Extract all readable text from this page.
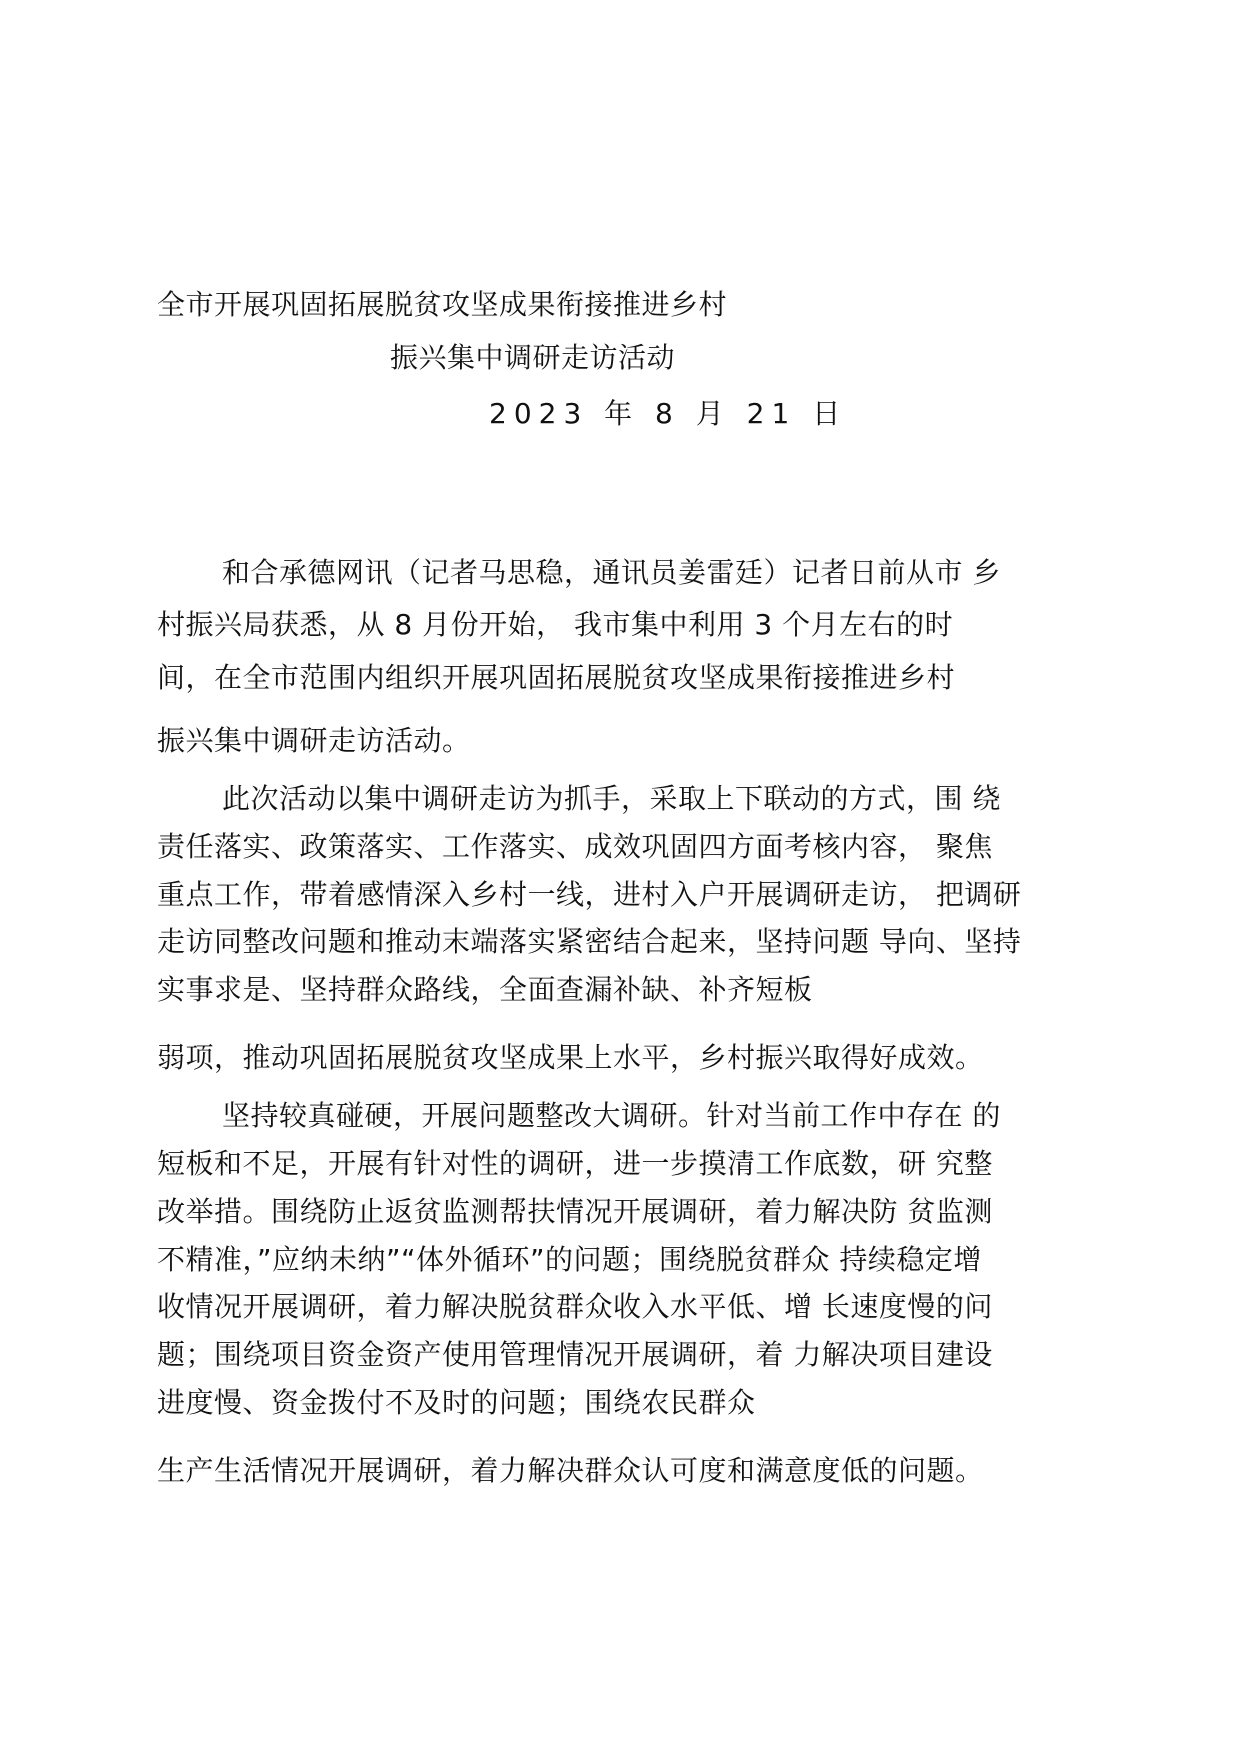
全市开展巩固拓展脱贫攻坚成果衔接推进乡村
振兴集中调研走访活动
2023 年 8 月 21 日
和合承德网讯（记者马思稳，通讯员姜雷廷）记者日前从市 乡
村振兴局获悉，从 8 月份开始， 我市集中利用 3 个月左右的时
间，在全市范围内组织开展巩固拓展脱贫攻坚成果衔接推进乡村
振兴集中调研走访活动。
此次活动以集中调研走访为抓手，采取上下联动的方式，围 绕
责任落实、政策落实、工作落实、成效巩固四方面考核内容， 聚焦
重点工作，带着感情深入乡村一线，进村入户开展调研走访， 把调研
走访同整改问题和推动末端落实紧密结合起来，坚持问题 导向、坚持
实事求是、坚持群众路线，全面查漏补缺、补齐短板
弱项，推动巩固拓展脱贫攻坚成果上水平，乡村振兴取得好成效。
坚持较真碰硬，开展问题整改大调研。针对当前工作中存在 的
短板和不足，开展有针对性的调研，进一步摸清工作底数，研 究整
改举措。围绕防止返贫监测帮扶情况开展调研，着力解决防 贫监测
不精准，”应纳未纳”“体外循环”的问题；围绕脱贫群众 持续稳定增
收情况开展调研，着力解决脱贫群众收入水平低、增 长速度慢的问
题；围绕项目资金资产使用管理情况开展调研，着 力解决项目建设
进度慢、资金拨付不及时的问题；围绕农民群众
生产生活情况开展调研，着力解决群众认可度和满意度低的问题。
